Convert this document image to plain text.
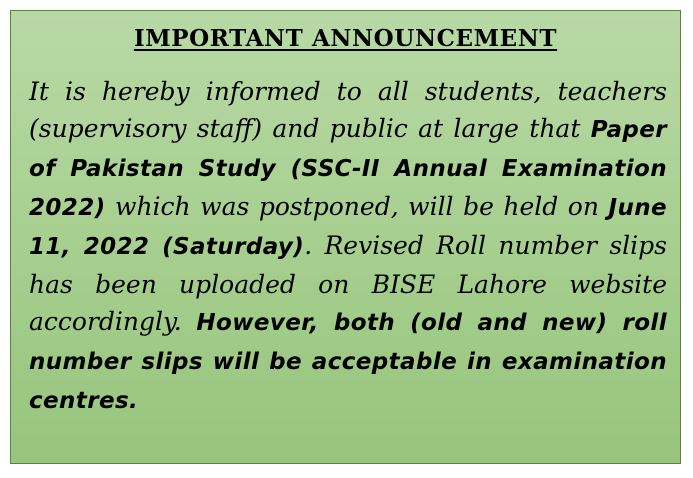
IMPORTANT ANNOUNCEMENT
It is hereby informed to all students, teachers (supervisory staff) and public at large that Paper of Pakistan Study (SSC-II Annual Examination 2022) which was postponed, will be held on June 11, 2022 (Saturday). Revised Roll number slips has been uploaded on BISE Lahore website accordingly. However, both (old and new) roll number slips will be acceptable in examination centres.
